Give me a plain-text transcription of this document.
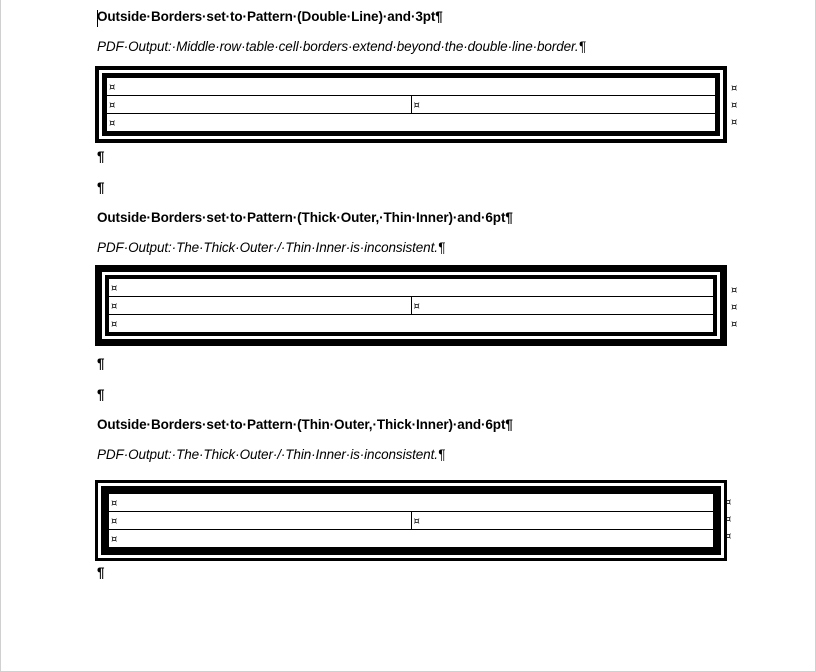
Outside·Borders·set·to·Pattern·(Double·Line)·and·3pt¶
PDF·Output:·Middle·row·table·cell·borders·extend·beyond·the·double·line·border.¶
¤
¤	¤
¤
¤
¤
¤
¶
¶
Outside·Borders·set·to·Pattern·(Thick·Outer,·Thin·Inner)·and·6pt¶
PDF·Output:·The·Thick·Outer·/·Thin·Inner·is·inconsistent.¶
¤
¤	¤
¤
¤
¤
¤
¶
¶
Outside·Borders·set·to·Pattern·(Thin·Outer,·Thick·Inner)·and·6pt¶
PDF·Output:·The·Thick·Outer·/·Thin·Inner·is·inconsistent.¶
¤
¤	¤
¤
¤
¤
¤
¶
